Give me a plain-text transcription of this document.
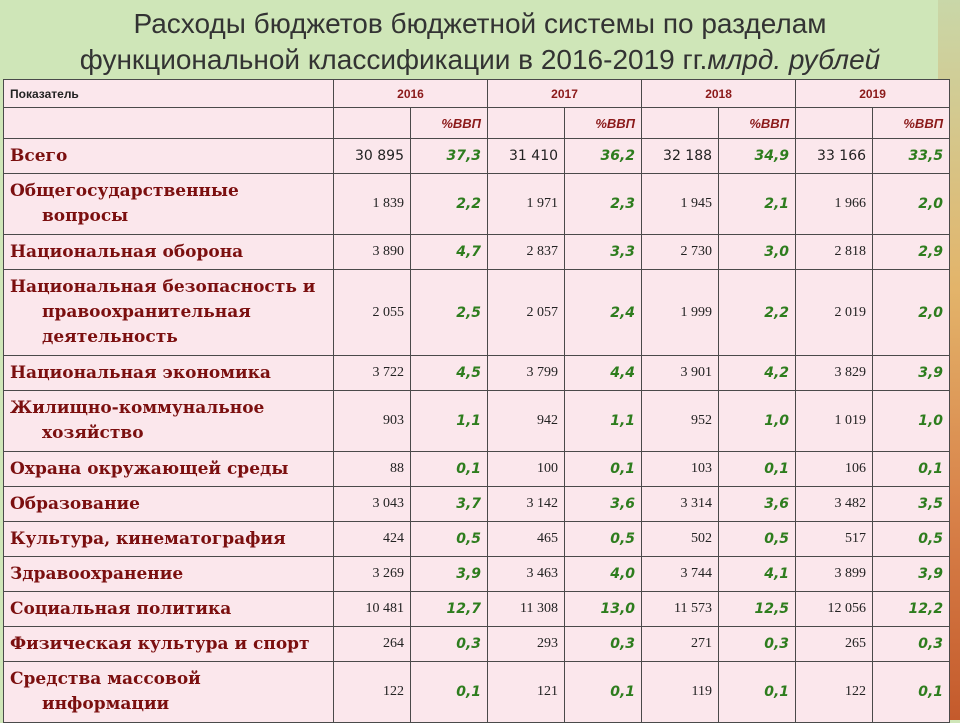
Расходы бюджетов бюджетной системы по разделам
функциональной классификации в 2016-2019 гг.млрд. рублей
Показатель	2016		2017		2018		2019	
		%ВВП		%ВВП		%ВВП		%ВВП
Всего	30 895	37,3	31 410	36,2	32 188	34,9	33 166	33,5
Общегосударственные
вопросы	1 839	2,2	1 971	2,3	1 945	2,1	1 966	2,0
Национальная оборона	3 890	4,7	2 837	3,3	2 730	3,0	2 818	2,9
Национальная безопасность и
правоохранительная деятельность	2 055	2,5	2 057	2,4	1 999	2,2	2 019	2,0
Национальная экономика	3 722	4,5	3 799	4,4	3 901	4,2	3 829	3,9
Жилищно-коммунальное
хозяйство	903	1,1	942	1,1	952	1,0	1 019	1,0
Охрана окружающей среды	88	0,1	100	0,1	103	0,1	106	0,1
Образование	3 043	3,7	3 142	3,6	3 314	3,6	3 482	3,5
Культура, кинематография	424	0,5	465	0,5	502	0,5	517	0,5
Здравоохранение	3 269	3,9	3 463	4,0	3 744	4,1	3 899	3,9
Социальная политика	10 481	12,7	11 308	13,0	11 573	12,5	12 056	12,2
Физическая культура и спорт	264	0,3	293	0,3	271	0,3	265	0,3
Средства массовой
информации	122	0,1	121	0,1	119	0,1	122	0,1
